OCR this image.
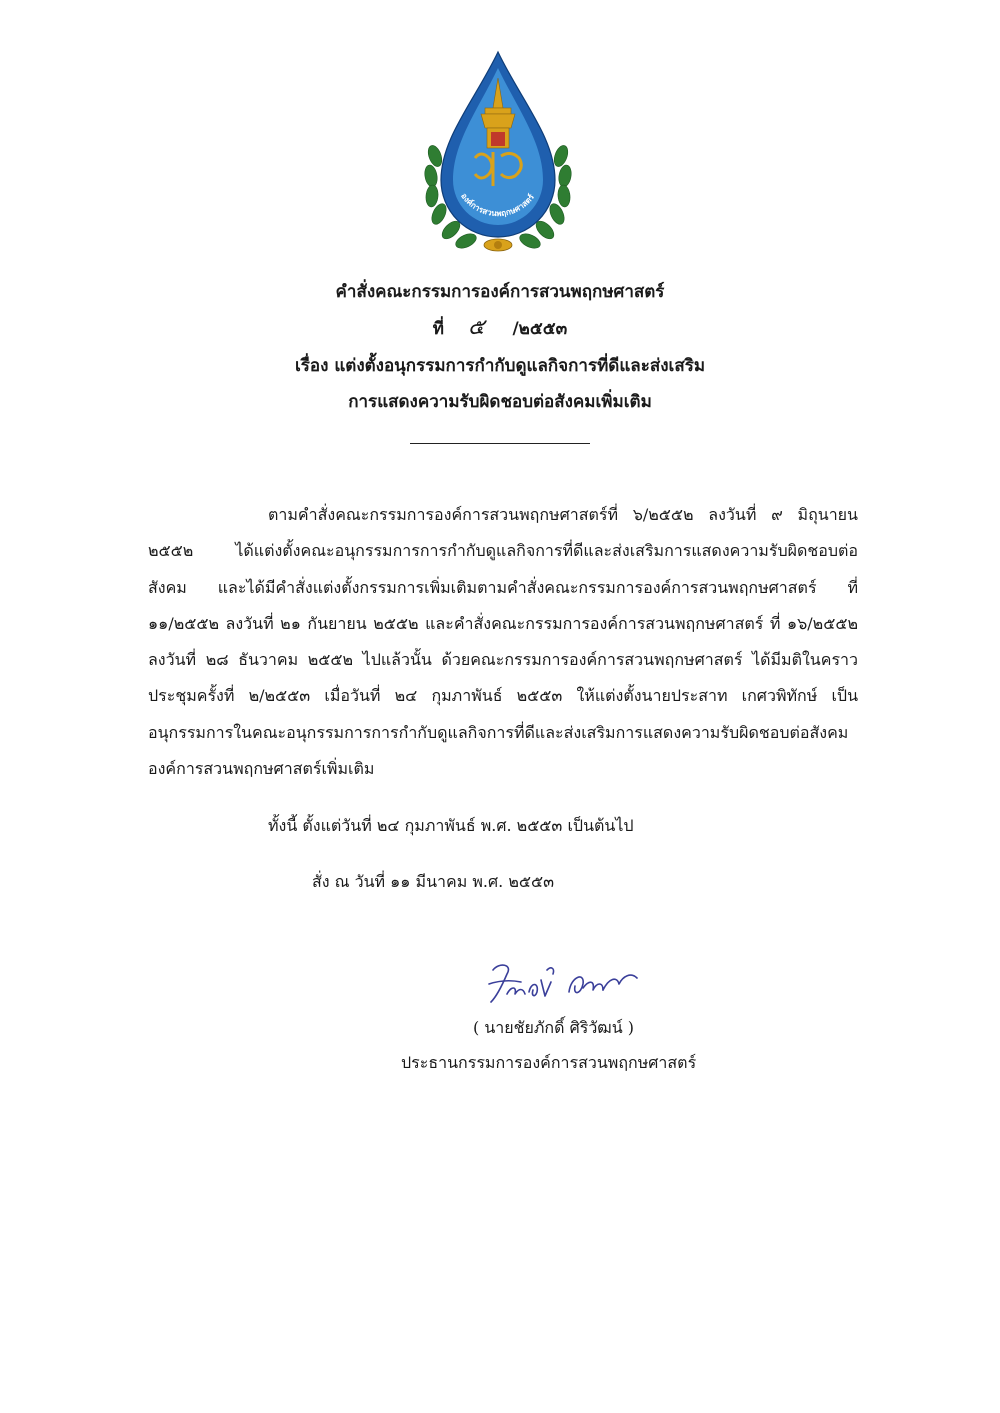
องค์การสวนพฤกษศาสตร์
คำสั่งคณะกรรมการองค์การสวนพฤกษศาสตร์
ที่ ๕ /๒๕๕๓
เรื่อง แต่งตั้งอนุกรรมการกำกับดูแลกิจการที่ดีและส่งเสริม
การแสดงความรับผิดชอบต่อสังคมเพิ่มเติม
ตามคำสั่งคณะกรรมการองค์การสวนพฤกษศาสตร์ที่ ๖/๒๕๕๒ ลงวันที่ ๙ มิถุนายน ๒๕๕๒ ได้แต่งตั้งคณะอนุกรรมการการกำกับดูแลกิจการที่ดีและส่งเสริมการแสดงความรับผิดชอบต่อสังคม และได้มีคำสั่งแต่งตั้งกรรมการเพิ่มเติมตามคำสั่งคณะกรรมการองค์การสวนพฤกษศาสตร์ ที่ ๑๑/๒๕๕๒ ลงวันที่ ๒๑ กันยายน ๒๕๕๒ และคำสั่งคณะกรรมการองค์การสวนพฤกษศาสตร์ ที่ ๑๖/๒๕๕๒ ลงวันที่ ๒๘ ธันวาคม ๒๕๕๒ ไปแล้วนั้น ด้วยคณะกรรมการองค์การสวนพฤกษศาสตร์ ได้มีมติในคราวประชุมครั้งที่ ๒/๒๕๕๓ เมื่อวันที่ ๒๔ กุมภาพันธ์ ๒๕๕๓ ให้แต่งตั้งนายประสาท เกศวพิทักษ์ เป็นอนุกรรมการในคณะอนุกรรมการการกำกับดูแลกิจการที่ดีและส่งเสริมการแสดงความรับผิดชอบต่อสังคม องค์การสวนพฤกษศาสตร์เพิ่มเติม
ทั้งนี้ ตั้งแต่วันที่ ๒๔ กุมภาพันธ์ พ.ศ. ๒๕๕๓ เป็นต้นไป
สั่ง ณ วันที่ ๑๑ มีนาคม พ.ศ. ๒๕๕๓
( นายชัยภักดิ์ ศิริวัฒน์ )
ประธานกรรมการองค์การสวนพฤกษศาสตร์
